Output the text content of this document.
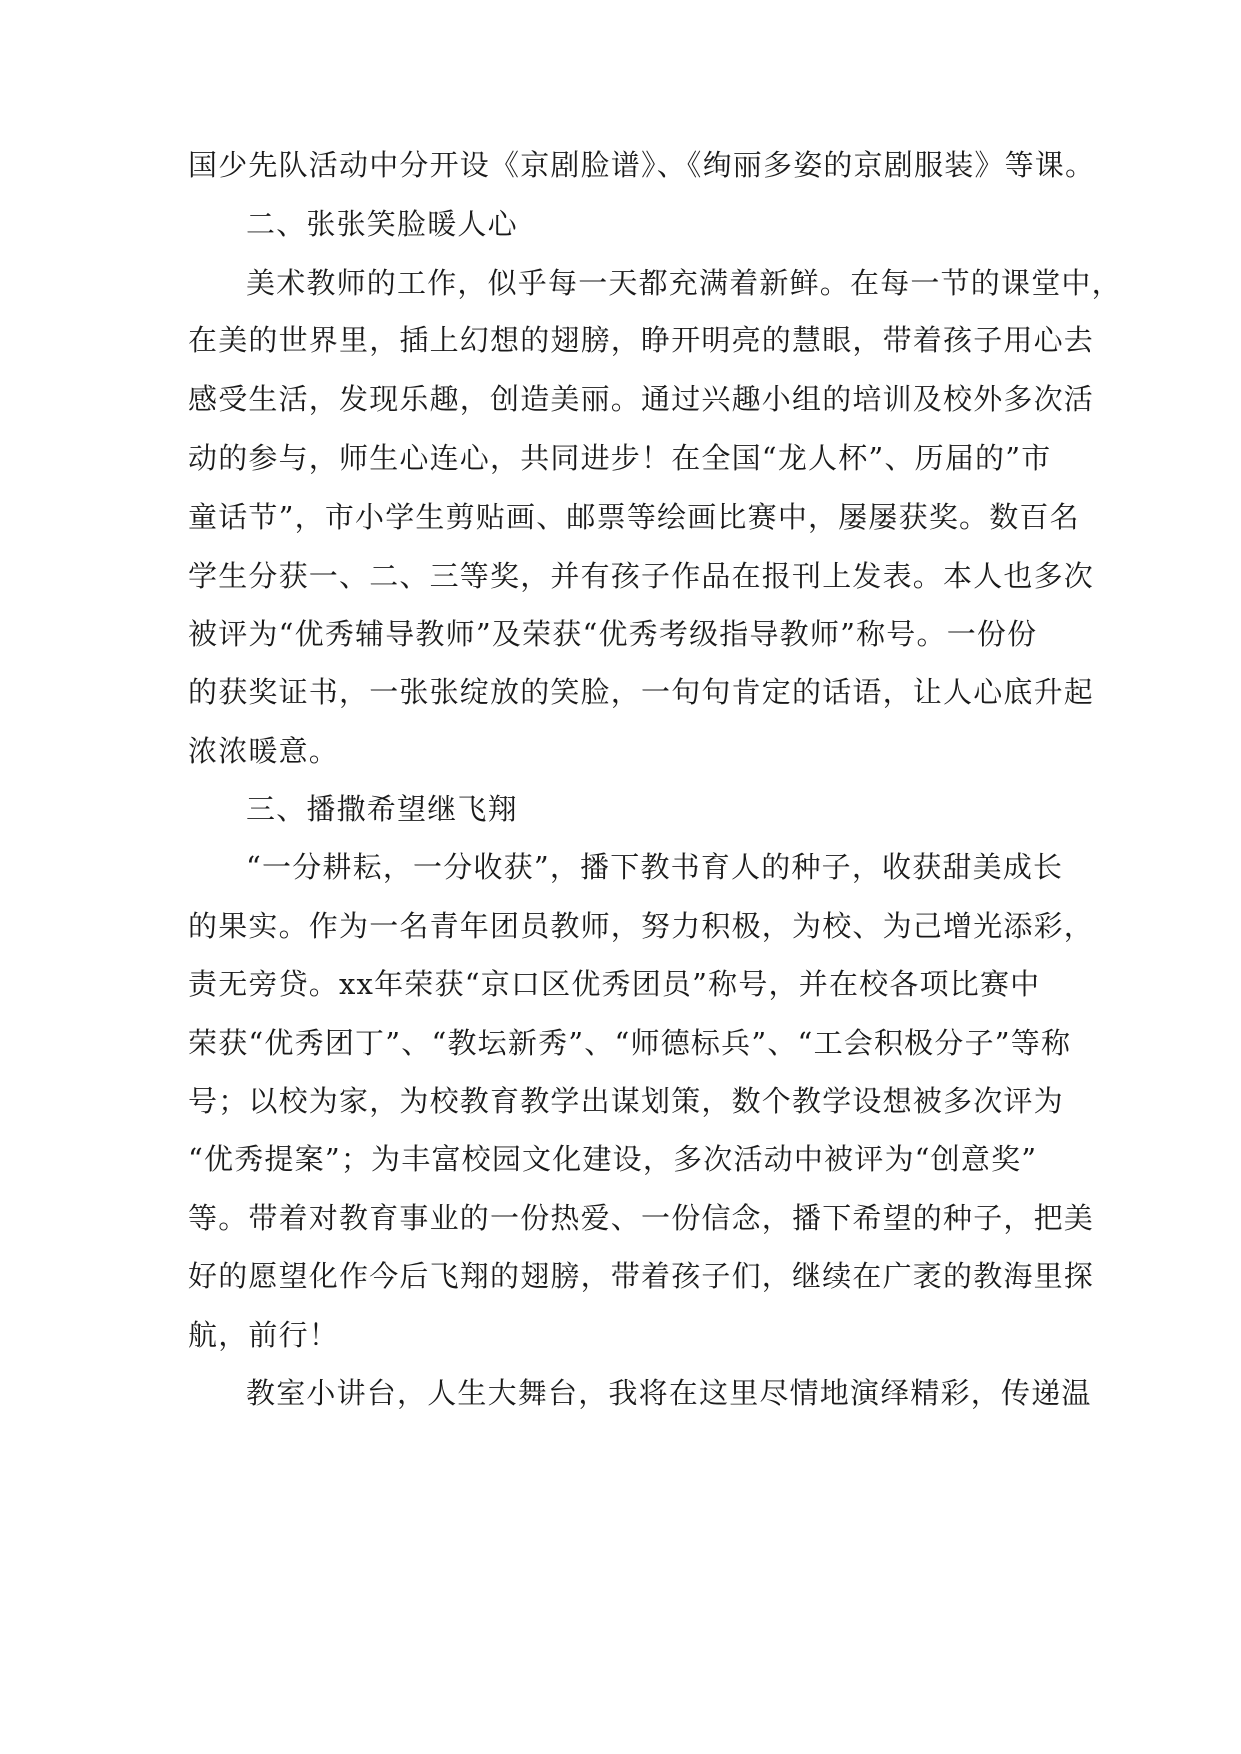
国少先队活动中分开设《京剧脸谱》、《绚丽多姿的京剧服装》等课。
二、张张笑脸暖人心
美术教师的工作，似乎每一天都充满着新鲜。在每一节的课堂中，
在美的世界里，插上幻想的翅膀，睁开明亮的慧眼，带着孩子用心去
感受生活，发现乐趣，创造美丽。通过兴趣小组的培训及校外多次活
动的参与，师生心连心，共同进步！在全国“龙人杯”、历届的”市
童话节”，市小学生剪贴画、邮票等绘画比赛中，屡屡获奖。数百名
学生分获一、二、三等奖，并有孩子作品在报刊上发表。本人也多次
被评为“优秀辅导教师”及荣获“优秀考级指导教师”称号。一份份
的获奖证书，一张张绽放的笑脸，一句句肯定的话语，让人心底升起
浓浓暖意。
三、播撒希望继飞翔
“一分耕耘，一分收获”，播下教书育人的种子，收获甜美成长
的果实。作为一名青年团员教师，努力积极，为校、为己增光添彩，
责无旁贷。xx年荣获“京口区优秀团员”称号，并在校各项比赛中
荣获“优秀团丁”、“教坛新秀”、“师德标兵”、“工会积极分子”等称
号；以校为家，为校教育教学出谋划策，数个教学设想被多次评为
“优秀提案”；为丰富校园文化建设，多次活动中被评为“创意奖”
等。带着对教育事业的一份热爱、一份信念，播下希望的种子，把美
好的愿望化作今后飞翔的翅膀，带着孩子们，继续在广袤的教海里探
航，前行！
教室小讲台，人生大舞台，我将在这里尽情地演绎精彩，传递温
